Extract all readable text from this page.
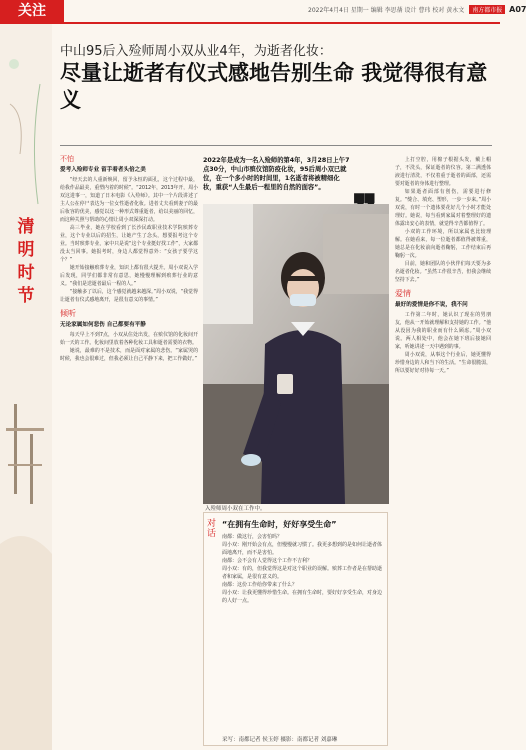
关注	2022年4月4日 星期一 编辑 李思蒨 设计 曹玮 校对 黄永文 南方都市报 A07
清明时节
中山95后入殓师周小双从业4年，为逝者化妆：
尽量让逝者有仪式感地告别生命 我觉得很有意义
不怕
爱考入殓师专业 留手着者头倍之美

“经天去的人重新焕回，留予永恒的面孔，这个过程中最，给我作品最美，重塑内着的时候”。“2012年，2013年开，周小双这进事一，知道了日本电影《入殓师》。其中一个片段讲述了主人公在停尸表达为一位女性逝者化妆。进者丈夫看到妻子的最后妆容的优美，感觉以这一种形式尊重逝者，给以美丽的回忆，而这种关照与帮助的心情让周小双深深打动。

高三毕业，她在学校看到了长沙民政职业技术学院殡葬专业，这个专业以后的招生，让她产生了念头，想要报考这个专业。当时殡葬专业，家中只是说“这个专业挺好找工作”，大家都没太当回事。她报考时，身边人都觉得意外：“女孩子要学这个？”

她开始接触殡葬专业，知识上都有很大提升。周小双说入学后发现，同学们都非常有意思，她慢慢理解到殡葬行业的意义。“我们是送逝者最后一程的人。”

“接触多了以后，这个感觉就越来越深。”周小双说，“我觉得让逝者有仪式感地离开，是很有意义的事情。”

倾听
无论家属如何悲伤 自己都要有平静

每天早上不到7点，小双从住处出发，在殡仪馆的化妆间开始一天的工作。化妆间里放着各种化妆工具和逝者需要的衣物。

她说，最难的不是技术，而是面对家属的悲伤。“家属哭的时候，我也会很难过，但我必须让自己平静下来，把工作做好。”

2022年是成为一名入殓师的第4年，3月28日上午7点30分，中山市殡仪馆防疫化妆，95后周小双已就位，在一个多小时的时间里，1名逝者将被精细化妆，重获“人生最后一程里的自然的面容”。
入殓师周小双在工作中。
对话
“在拥有生命时，好好享受生命”

南都：做这行，会害怕吗？

周小双：刚开始会有点，但慢慢就习惯了。我更多想到的是如何让逝者体面地离开，而不是害怕。

南都：会不会有人觉得这个工作不吉利？

周小双：有的，但我觉得这是对这个职业的误解。殡葬工作者是在帮助逝者和家属，是很有意义的。

南都：这份工作给你带来了什么？

周小双：让我更懂得珍惜生命。在拥有生命时，要好好享受生命，对身边的人好一点。

采写：南都记者 侯玉婷 摄影：南都记者 刘嘉琳

上打空腔，用棉子根据头发，戴上帽子，不洗头，保证逝者的仪容。第二满透体液进行清洗，不仅着重于逝者的面部，还需要对逝者的身体进行整理。

如果逝者面部有创伤，需要进行修复。“缝合、填充、塑形，一步一步来。”周小双说，有时一个遗体要花好几个小时才能处理好。她说，每当看到家属对着整理好的遗体露出安心的表情，就觉得辛苦都值得了。

小双的工作环境，所以家属也比较理解。在她看来，每一位逝者都值得被尊重，她总是在化妆前向逝者鞠躬，工作结束后再鞠躬一次。

目前，她和团队的小伙伴们每天要为多名逝者化妆。“虽然工作很辛苦，但我会继续坚持下去。”

爱情
最好的爱情是你不说，我不问

工作第二年时，她认识了现在的男朋友，他从一开始就理解和支持她的工作。“他从没因为我的职业而有什么顾虑。”周小双说。两人相处中，他会在她下班后接她回家，听她讲述一天中遇到的事。

周小双说，从事这个行业后，她更懂得珍惜身边的人和当下的生活。“生命很脆弱，所以要好好对待每一天。”
